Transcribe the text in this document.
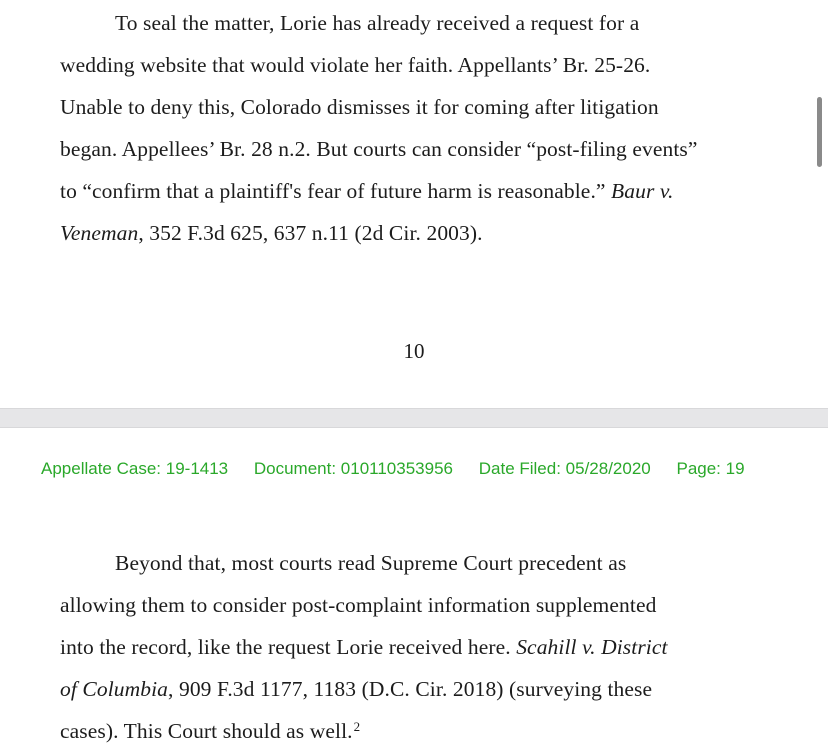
To seal the matter, Lorie has already received a request for a
wedding website that would violate her faith. Appellants’ Br. 25-26.
Unable to deny this, Colorado dismisses it for coming after litigation
began. Appellees’ Br. 28 n.2. But courts can consider “post-filing events”
to “confirm that a plaintiff's fear of future harm is reasonable.” Baur v.
Veneman, 352 F.3d 625, 637 n.11 (2d Cir. 2003).
10
Appellate Case: 19-1413 Document: 010110353956 Date Filed: 05/28/2020 Page: 19
Beyond that, most courts read Supreme Court precedent as
allowing them to consider post-complaint information supplemented
into the record, like the request Lorie received here. Scahill v. District
of Columbia, 909 F.3d 1177, 1183 (D.C. Cir. 2018) (surveying these
cases). This Court should as well.$^2$
